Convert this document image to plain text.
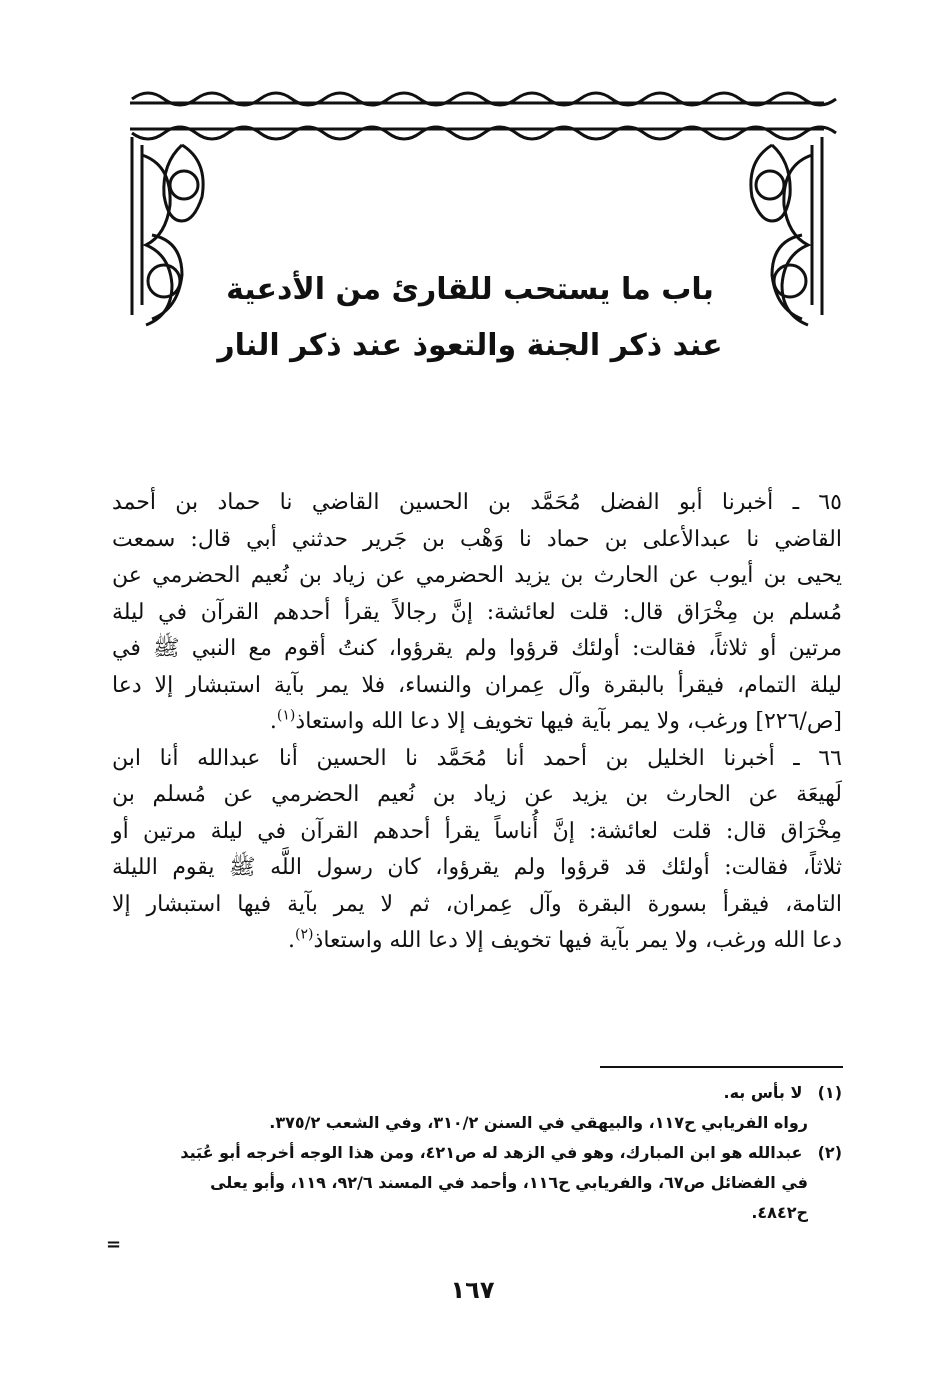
باب ما يستحب للقارئ من الأدعية
عند ذكر الجنة والتعوذ عند ذكر النار
٦٥ ـ أخبرنا أبو الفضل مُحَمَّد بن الحسين القاضي نا حماد بن أحمد
القاضي نا عبدالأعلى بن حماد نا وَهْب بن جَرير حدثني أبي قال: سمعت
يحيى بن أيوب عن الحارث بن يزيد الحضرمي عن زياد بن نُعيم الحضرمي عن
مُسلم بن مِخْرَاق قال: قلت لعائشة: إنَّ رجالاً يقرأ أحدهم القرآن في ليلة
مرتين أو ثلاثاً، فقالت: أولئك قرؤوا ولم يقرؤوا، كنتُ أقوم مع النبي ﷺ في
ليلة التمام، فيقرأ بالبقرة وآل عِمران والنساء، فلا يمر بآية استبشار إلا دعا
[ص/٢٢٦] ورغب، ولا يمر بآية فيها تخويف إلا دعا الله واستعاذ$^{(١)}$.
٦٦ ـ أخبرنا الخليل بن أحمد أنا مُحَمَّد نا الحسين أنا عبدالله أنا ابن
لَهيعَة عن الحارث بن يزيد عن زياد بن نُعيم الحضرمي عن مُسلم بن
مِخْرَاق قال: قلت لعائشة: إنَّ أُناساً يقرأ أحدهم القرآن في ليلة مرتين أو
ثلاثاً، فقالت: أولئك قد قرؤوا ولم يقرؤوا، كان رسول اللَّه ﷺ يقوم الليلة
التامة، فيقرأ بسورة البقرة وآل عِمران، ثم لا يمر بآية فيها استبشار إلا
دعا الله ورغب، ولا يمر بآية فيها تخويف إلا دعا الله واستعاذ$^{(٢)}$.
(١) لا بأس به.
رواه الفريابي ح١١٧، والبيهقي في السنن ٣١٠/٢، وفي الشعب ٣٧٥/٢.
(٢) عبدالله هو ابن المبارك، وهو في الزهد له ص٤٢١، ومن هذا الوجه أخرجه أبو عُبَيد
في الفضائل ص٦٧، والفريابي ح١١٦، وأحمد في المسند ٩٢/٦، ١١٩، وأبو يعلى
ح٤٨٤٢.
=
١٦٧
